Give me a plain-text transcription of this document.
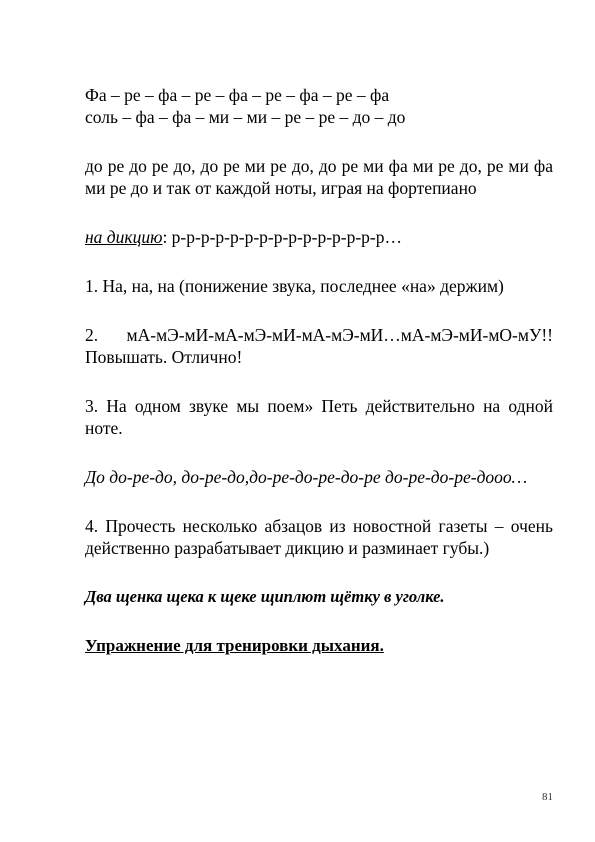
Фа – ре – фа – ре – фа – ре – фа – ре – фа
соль – фа – фа – ми – ми – ре – ре – до – до

до ре до ре до, до ре ми ре до, до ре ми фа ми ре до, ре ми фа ми ре до и так от каждой ноты, играя на фортепиано

на дикцию: р-р-р-р-р-р-р-р-р-р-р-р-р-р-р…

1. На, на, на (понижение звука, последнее «на» держим)

2. мА-мЭ-мИ-мА-мЭ-мИ-мА-мЭ-мИ…мА-мЭ-мИ-мО-мУ!! Повышать. Отлично!

3. На одном звуке мы поем» Петь действительно на одной ноте.

До до-ре-до, до-ре-до,до-ре-до-ре-до-ре до-ре-до-ре-дооо…

4. Прочесть несколько абзацов из новостной газеты – очень действенно разрабатывает дикцию и разминает губы.)

Два щенка щека к щеке щиплют щётку в уголке.

Упражнение для тренировки дыхания.

81
